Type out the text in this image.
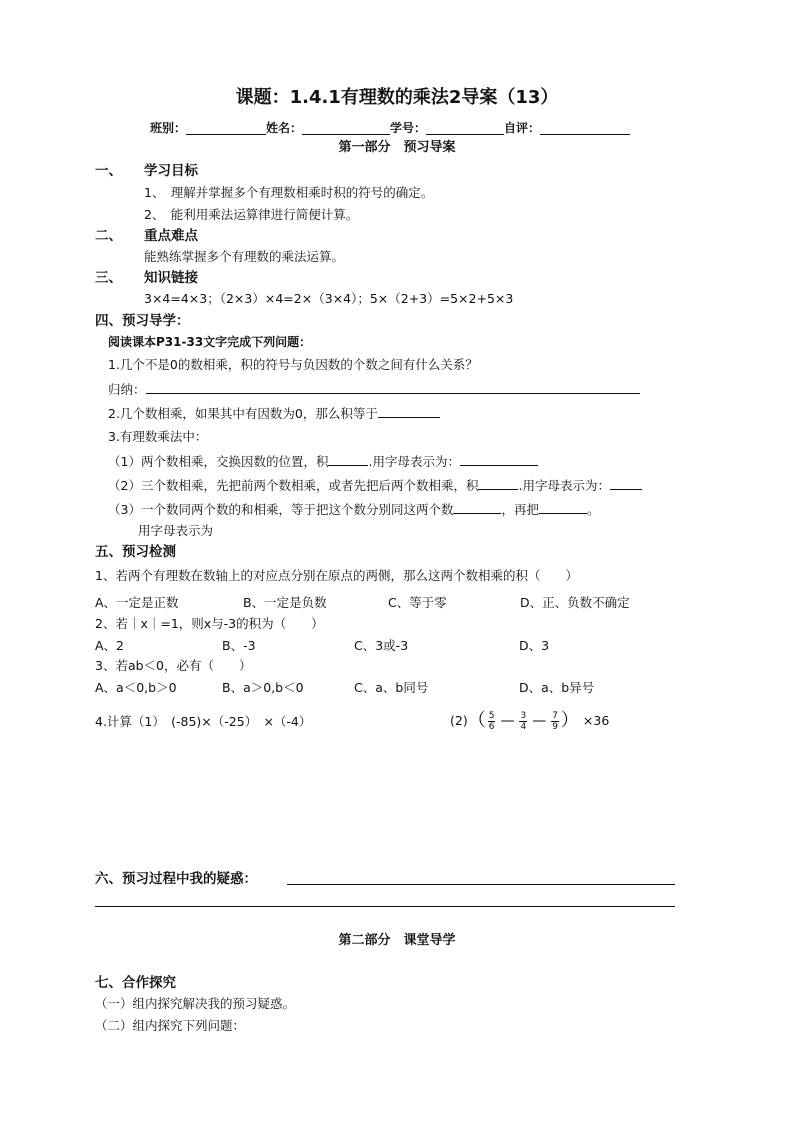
课题：1.4.1有理数的乘法2导案（13）
班别：	姓名：	学号：	自评：
第一部分　预习导案
一、 学习目标
1、　理解并掌握多个有理数相乘时积的符号的确定。
2、　能利用乘法运算律进行简便计算。
二、 重点难点
能熟练掌握多个有理数的乘法运算。
三、 知识链接
3×4=4×3；（2×3）×4=2×（3×4）；5×（2+3）=5×2+5×3
四、预习导学：
阅读课本P31-33文字完成下列问题：
1.几个不是0的数相乘，积的符号与负因数的个数之间有什么关系？
归纳：
2.几个数相乘，如果其中有因数为0，那么积等于
3.有理数乘法中：
（1）两个数相乘，交换因数的位置，积	.用字母表示为：
（2）三个数相乘，先把前两个数相乘，或者先把后两个数相乘，积	.用字母表示为：
（3）一个数同两个数的和相乘，等于把这个数分别同这两个数	，再把	。
用字母表示为
五、预习检测
1、若两个有理数在数轴上的对应点分别在原点的两侧，那么这两个数相乘的积（　　）
A、一定是正数	B、一定是负数	C、等于零	D、正、负数不确定
2、若｜x｜=1，则x与-3的积为（　　）
A、2	B、-3	C、3或-3	D、3
3、若ab＜0，必有（　　）
A、a＜0,b＞0	B、a＞0,b＜0	C、a、b同号	D、a、b异号
4.计算（1）　(-85)×（-25）　×（-4）	(2) （ $\frac{5}{6}$ — $\frac{3}{4}$ — $\frac{7}{9}$ ） ×36
六、预习过程中我的疑惑：
第二部分　课堂导学
七、合作探究
（一）组内探究解决我的预习疑惑。
（二）组内探究下列问题：
